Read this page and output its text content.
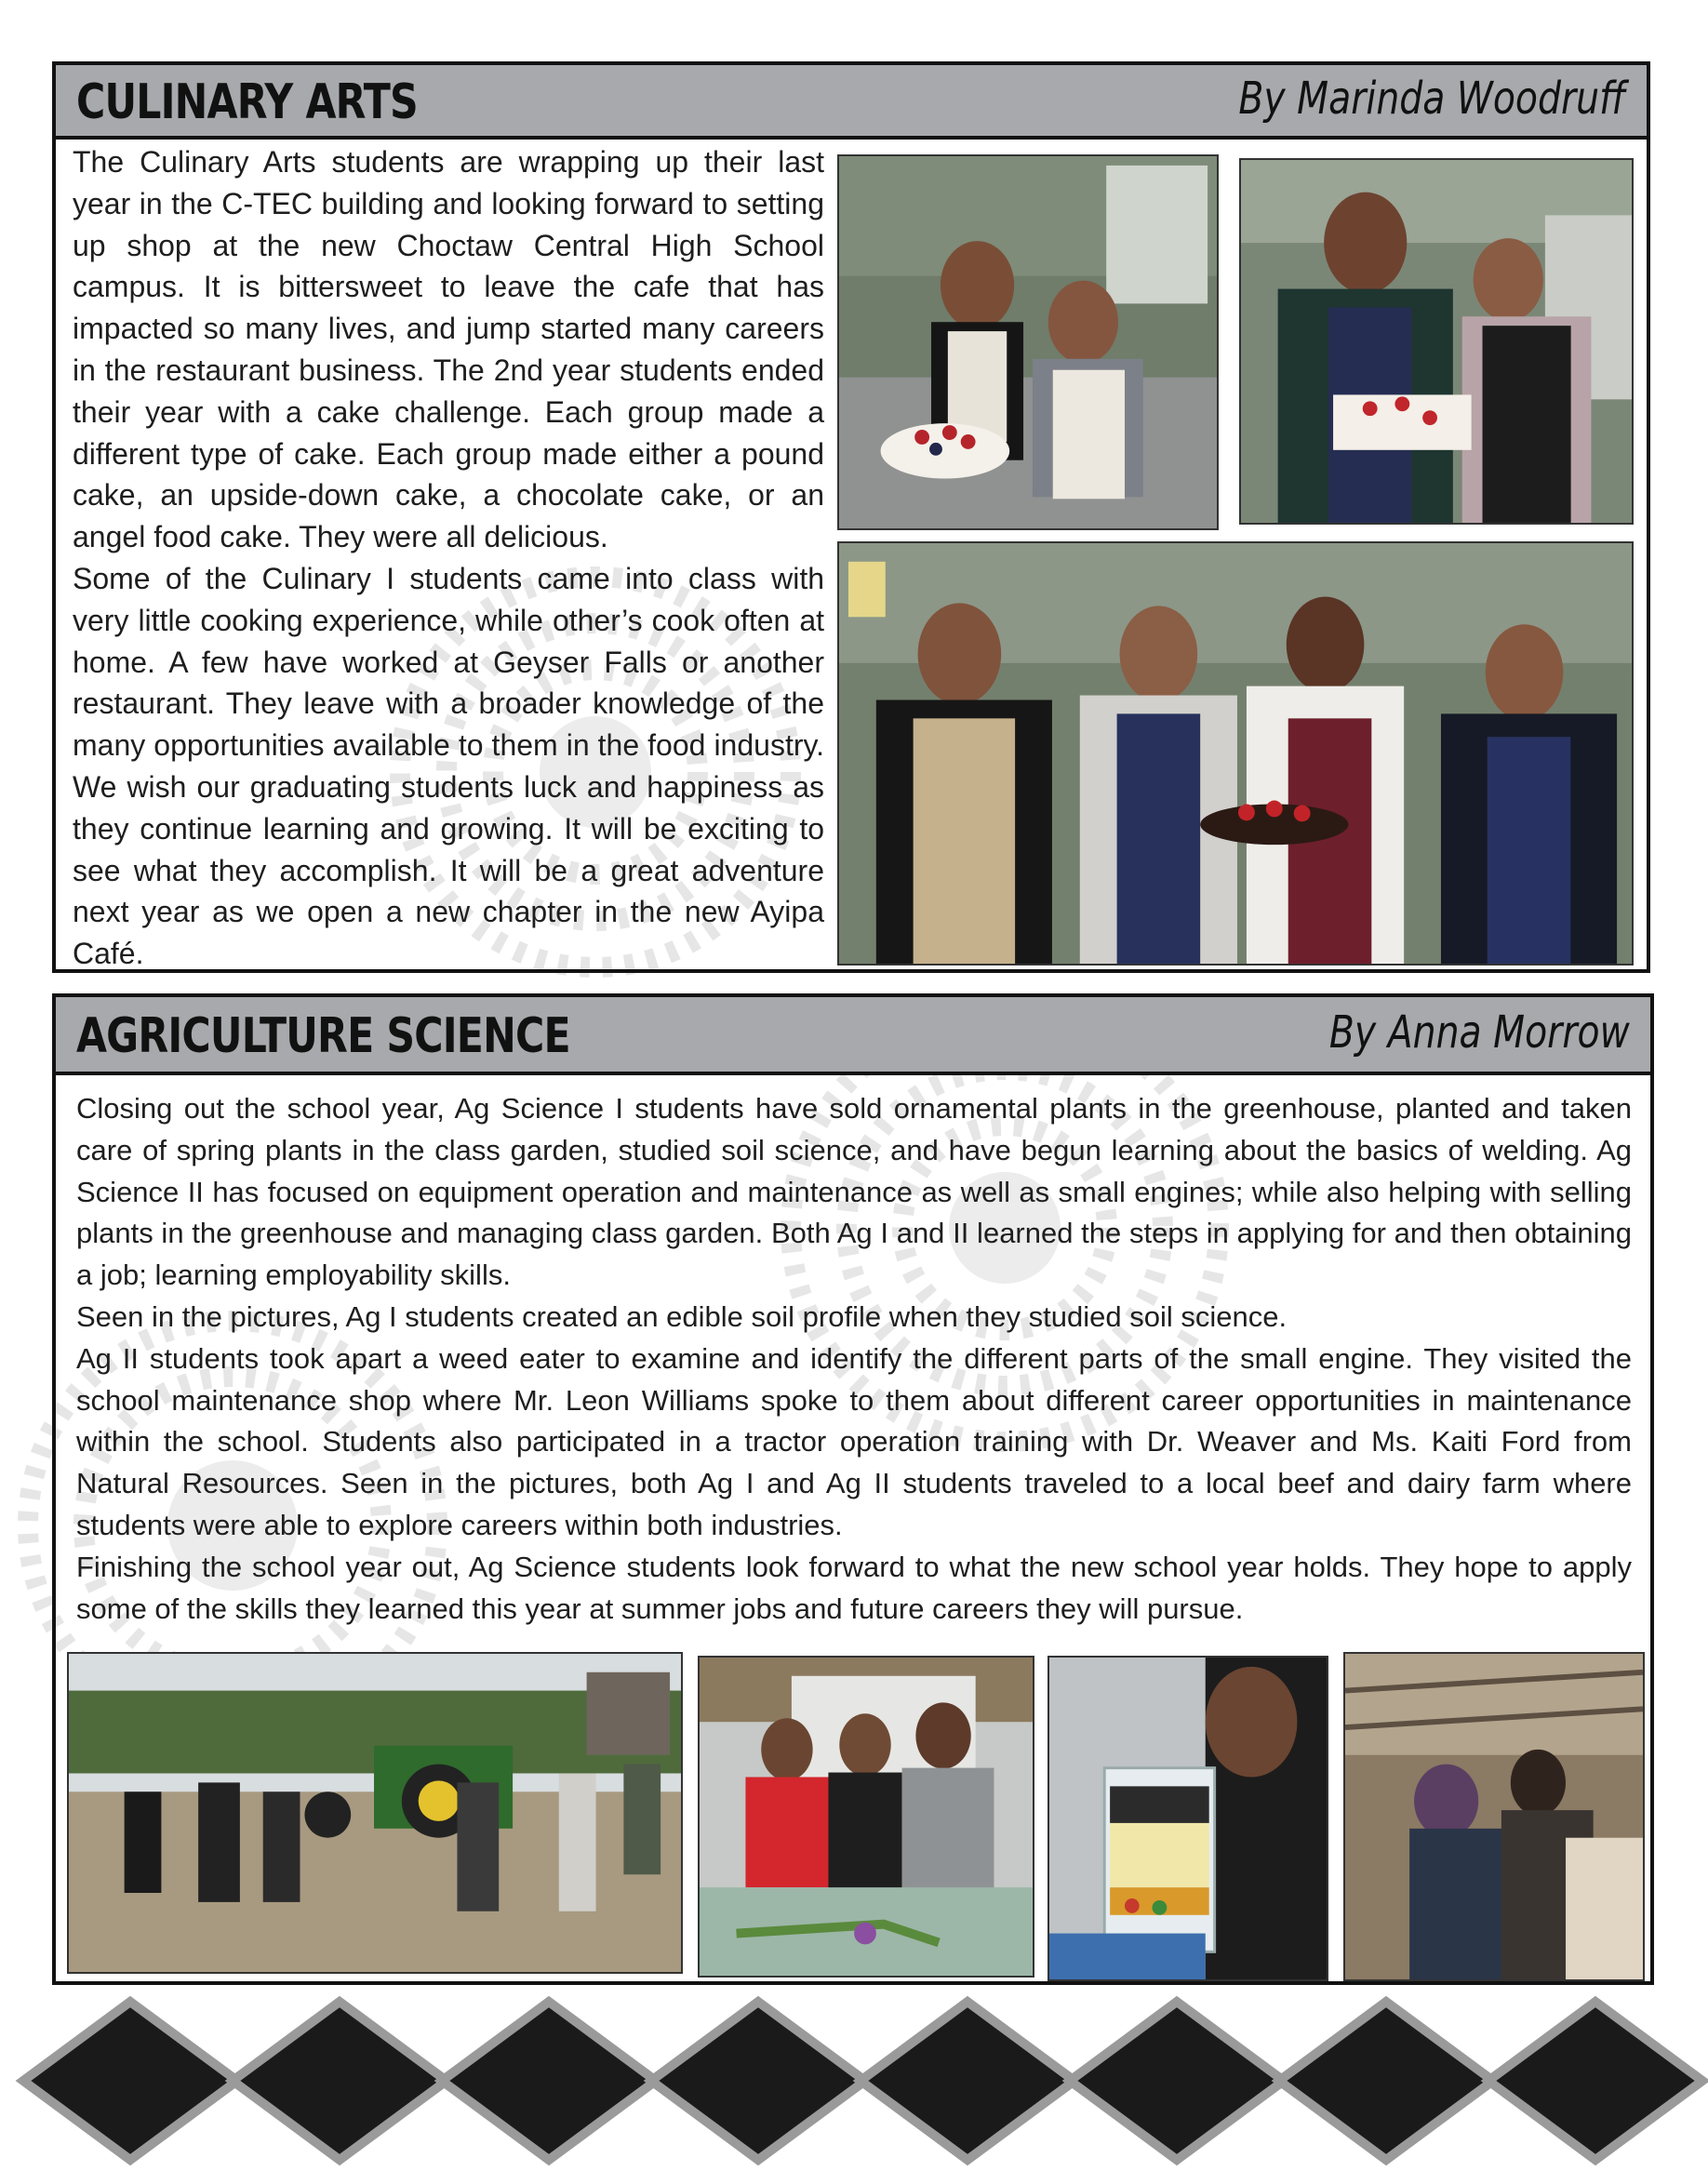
CULINARY ARTS	By Marinda Woodruff

The Culinary Arts students are wrapping up their last year in the C-TEC building and looking forward to setting up shop at the new Choctaw Central High School campus. It is bittersweet to leave the cafe that has impacted so many lives, and jump started many careers in the restaurant business. The 2nd year students ended their year with a cake challenge. Each group made a different type of cake. Each group made either a pound cake, an upside-down cake, a chocolate cake, or an angel food cake. They were all delicious.

Some of the Culinary I students came into class with very little cooking experience, while other’s cook often at home. A few have worked at Geyser Falls or another restaurant. They leave with a broader knowledge of the many opportunities available to them in the food industry. We wish our graduating students luck and happiness as they continue learning and growing. It will be exciting to see what they accomplish. It will be a great adventure next year as we open a new chapter in the new Ayipa Café.

AGRICULTURE SCIENCE	By Anna Morrow

Closing out the school year, Ag Science I students have sold ornamental plants in the greenhouse, planted and taken care of spring plants in the class garden, studied soil science, and have begun learning about the basics of welding. Ag Science II has focused on equipment operation and maintenance as well as small engines; while also helping with selling plants in the greenhouse and managing class garden. Both Ag I and II learned the steps in applying for and then obtaining a job; learning employability skills.

Seen in the pictures, Ag I students created an edible soil profile when they studied soil science.

Ag II students took apart a weed eater to examine and identify the different parts of the small engine. They visited the school maintenance shop where Mr. Leon Williams spoke to them about different career opportunities in maintenance within the school. Students also participated in a tractor operation training with Dr. Weaver and Ms. Kaiti Ford from Natural Resources. Seen in the pictures, both Ag I and Ag II students traveled to a local beef and dairy farm where students were able to explore careers within both industries.

Finishing the school year out, Ag Science students look forward to what the new school year holds. They hope to apply some of the skills they learned this year at summer jobs and future careers they will pursue.
